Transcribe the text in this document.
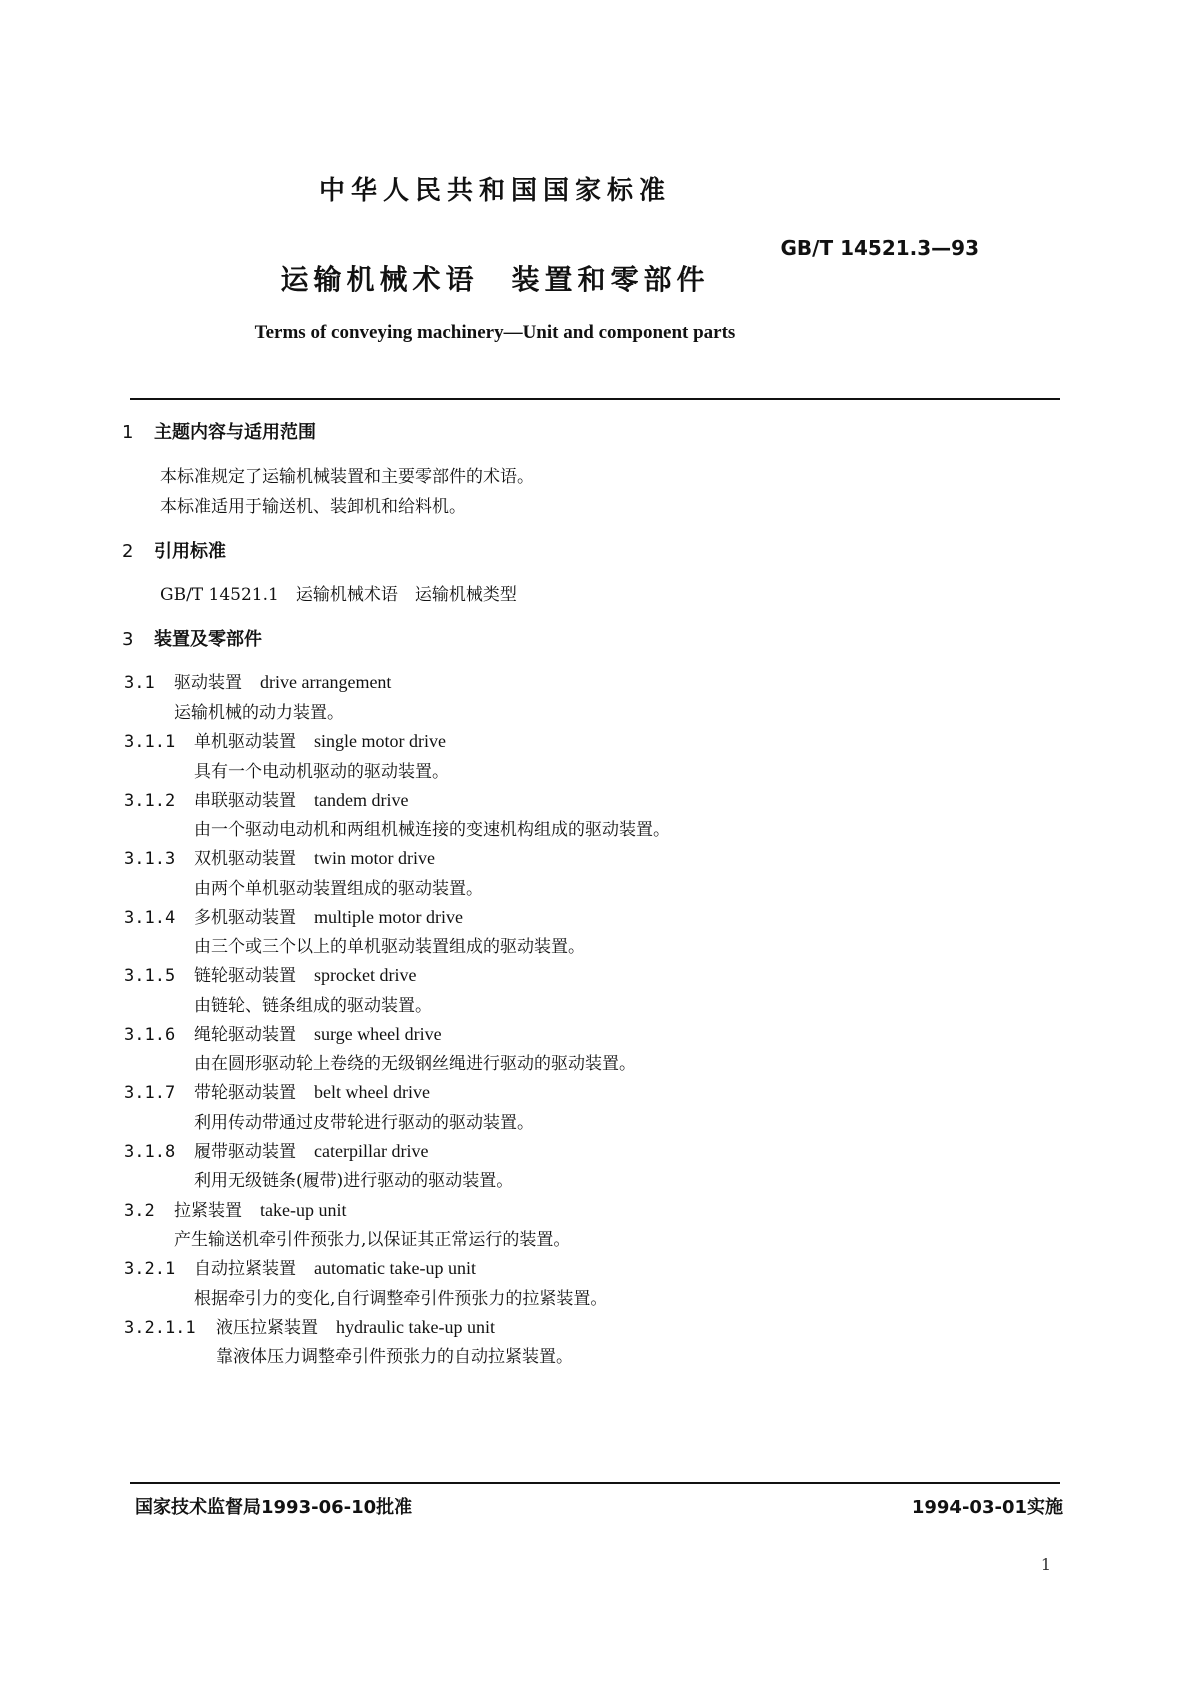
中华人民共和国国家标准
GB/T 14521.3—93
运输机械术语　装置和零部件
Terms of conveying machinery—Unit and component parts
1 主题内容与适用范围
本标准规定了运输机械装置和主要零部件的术语。
本标准适用于输送机、装卸机和给料机。
2 引用标准
GB/T 14521.1　运输机械术语　运输机械类型
3 装置及零部件
3.1 驱动装置 drive arrangement
运输机械的动力装置。
3.1.1 单机驱动装置 single motor drive
具有一个电动机驱动的驱动装置。
3.1.2 串联驱动装置 tandem drive
由一个驱动电动机和两组机械连接的变速机构组成的驱动装置。
3.1.3 双机驱动装置 twin motor drive
由两个单机驱动装置组成的驱动装置。
3.1.4 多机驱动装置 multiple motor drive
由三个或三个以上的单机驱动装置组成的驱动装置。
3.1.5 链轮驱动装置 sprocket drive
由链轮、链条组成的驱动装置。
3.1.6 绳轮驱动装置 surge wheel drive
由在圆形驱动轮上卷绕的无级钢丝绳进行驱动的驱动装置。
3.1.7 带轮驱动装置 belt wheel drive
利用传动带通过皮带轮进行驱动的驱动装置。
3.1.8 履带驱动装置 caterpillar drive
利用无级链条(履带)进行驱动的驱动装置。
3.2 拉紧装置 take-up unit
产生输送机牵引件预张力,以保证其正常运行的装置。
3.2.1 自动拉紧装置 automatic take-up unit
根据牵引力的变化,自行调整牵引件预张力的拉紧装置。
3.2.1.1 液压拉紧装置 hydraulic take-up unit
靠液体压力调整牵引件预张力的自动拉紧装置。
国家技术监督局1993-06-10批准	1994-03-01实施
1
